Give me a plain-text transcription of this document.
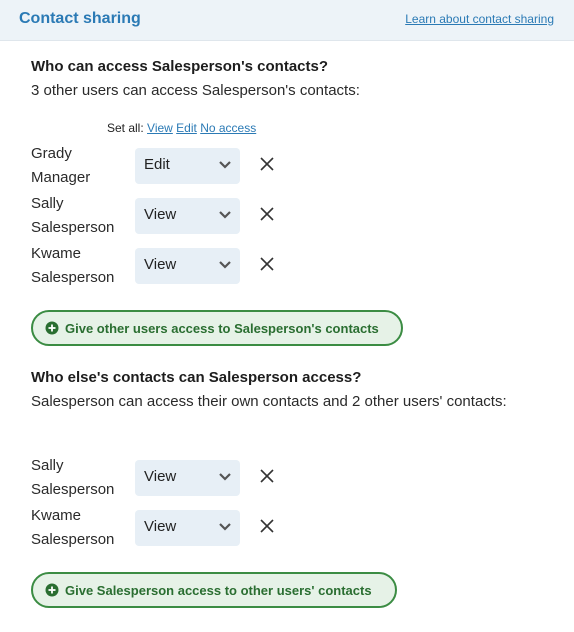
Contact sharing	Learn about contact sharing
Who can access Salesperson's contacts?
3 other users can access Salesperson's contacts:
Set all: View Edit No access
Grady Manager
Edit
Sally Salesperson
View
Kwame Salesperson
View
Give other users access to Salesperson's contacts
Who else's contacts can Salesperson access?
Salesperson can access their own contacts and 2 other users' contacts:
Sally Salesperson
View
Kwame Salesperson
View
Give Salesperson access to other users' contacts
